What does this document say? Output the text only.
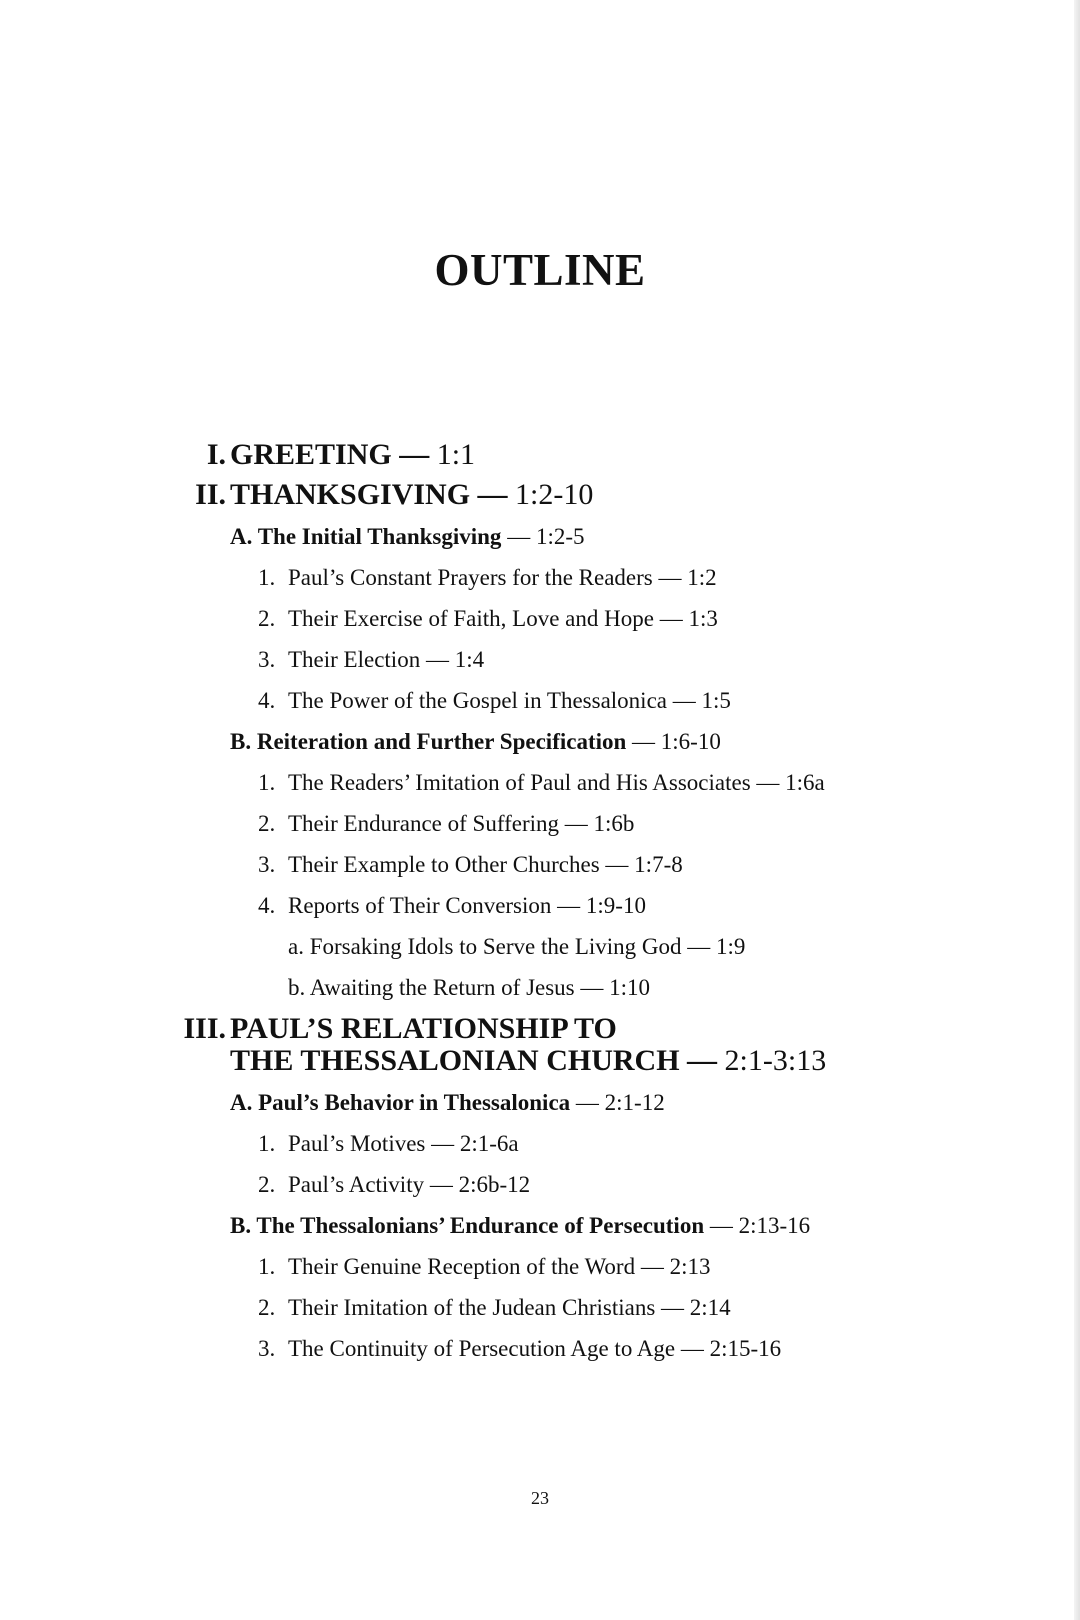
OUTLINE
I. GREETING — 1:1
II. THANKSGIVING — 1:2-10
A. The Initial Thanksgiving — 1:2-5
1. Paul’s Constant Prayers for the Readers — 1:2
2. Their Exercise of Faith, Love and Hope — 1:3
3. Their Election — 1:4
4. The Power of the Gospel in Thessalonica — 1:5
B. Reiteration and Further Specification — 1:6-10
1. The Readers’ Imitation of Paul and His Associates — 1:6a
2. Their Endurance of Suffering — 1:6b
3. Their Example to Other Churches — 1:7-8
4. Reports of Their Conversion — 1:9-10
a. Forsaking Idols to Serve the Living God — 1:9
b. Awaiting the Return of Jesus — 1:10
III. PAUL’S RELATIONSHIP TO
THE THESSALONIAN CHURCH — 2:1-3:13
A. Paul’s Behavior in Thessalonica — 2:1-12
1. Paul’s Motives — 2:1-6a
2. Paul’s Activity — 2:6b-12
B. The Thessalonians’ Endurance of Persecution — 2:13-16
1. Their Genuine Reception of the Word — 2:13
2. Their Imitation of the Judean Christians — 2:14
3. The Continuity of Persecution Age to Age — 2:15-16
23
